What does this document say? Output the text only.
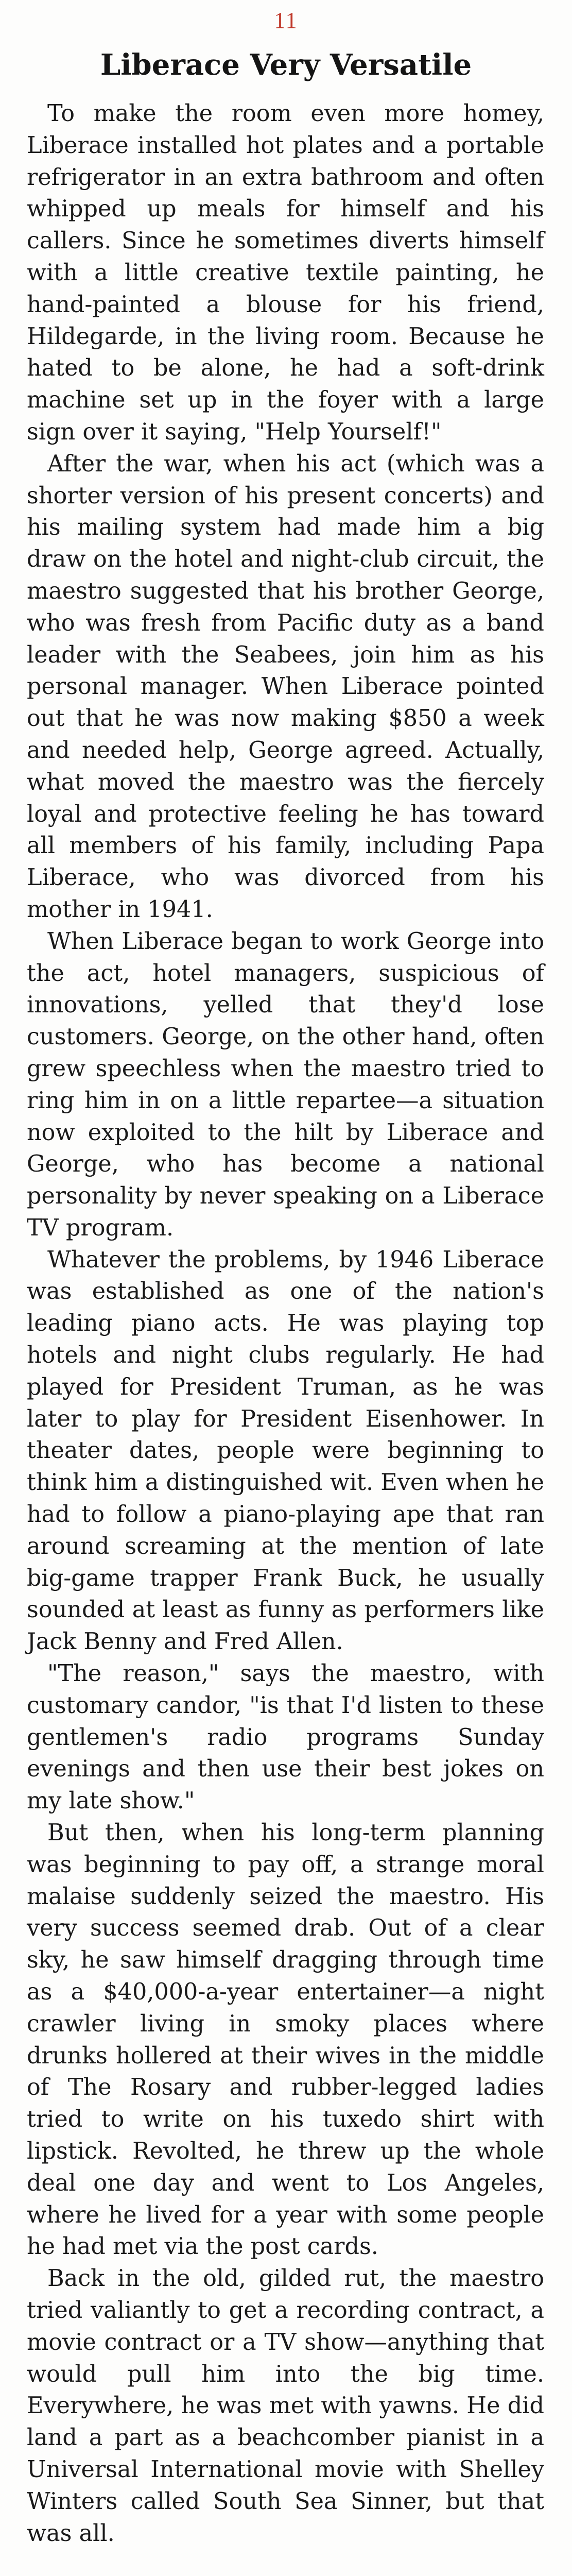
11
Liberace Very Versatile

To make the room even more homey, Liberace installed hot plates and a portable refrigerator in an extra bathroom and often whipped up meals for himself and his callers. Since he sometimes diverts himself with a little creative textile painting, he hand-painted a blouse for his friend, Hildegarde, in the living room. Because he hated to be alone, he had a soft-drink machine set up in the foyer with a large sign over it saying, "Help Yourself!"

After the war, when his act (which was a shorter version of his present concerts) and his mailing system had made him a big draw on the hotel and night-club circuit, the maestro suggested that his brother George, who was fresh from Pacific duty as a band leader with the Seabees, join him as his personal manager. When Liberace pointed out that he was now making $850 a week and needed help, George agreed. Actually, what moved the maestro was the fiercely loyal and protective feeling he has toward all members of his family, including Papa Liberace, who was divorced from his mother in 1941.

When Liberace began to work George into the act, hotel managers, suspicious of innovations, yelled that they'd lose customers. George, on the other hand, often grew speechless when the maestro tried to ring him in on a little repartee—a situation now exploited to the hilt by Liberace and George, who has become a national personality by never speaking on a Liberace TV program.

Whatever the problems, by 1946 Liberace was established as one of the nation's leading piano acts. He was playing top hotels and night clubs regularly. He had played for President Truman, as he was later to play for President Eisenhower. In theater dates, people were beginning to think him a distinguished wit. Even when he had to follow a piano-playing ape that ran around screaming at the mention of late big-game trapper Frank Buck, he usually sounded at least as funny as performers like Jack Benny and Fred Allen.

"The reason," says the maestro, with customary candor, "is that I'd listen to these gentlemen's radio programs Sunday evenings and then use their best jokes on my late show."

But then, when his long-term planning was beginning to pay off, a strange moral malaise suddenly seized the maestro. His very success seemed drab. Out of a clear sky, he saw himself dragging through time as a $40,000-a-year entertainer—a night crawler living in smoky places where drunks hollered at their wives in the middle of The Rosary and rubber-legged ladies tried to write on his tuxedo shirt with lipstick. Revolted, he threw up the whole deal one day and went to Los Angeles, where he lived for a year with some people he had met via the post cards.

Back in the old, gilded rut, the maestro tried valiantly to get a recording contract, a movie contract or a TV show—anything that would pull him into the big time. Everywhere, he was met with yawns. He did land a part as a beachcomber pianist in a Universal International movie with Shelley Winters called South Sea Sinner, but that was all.
